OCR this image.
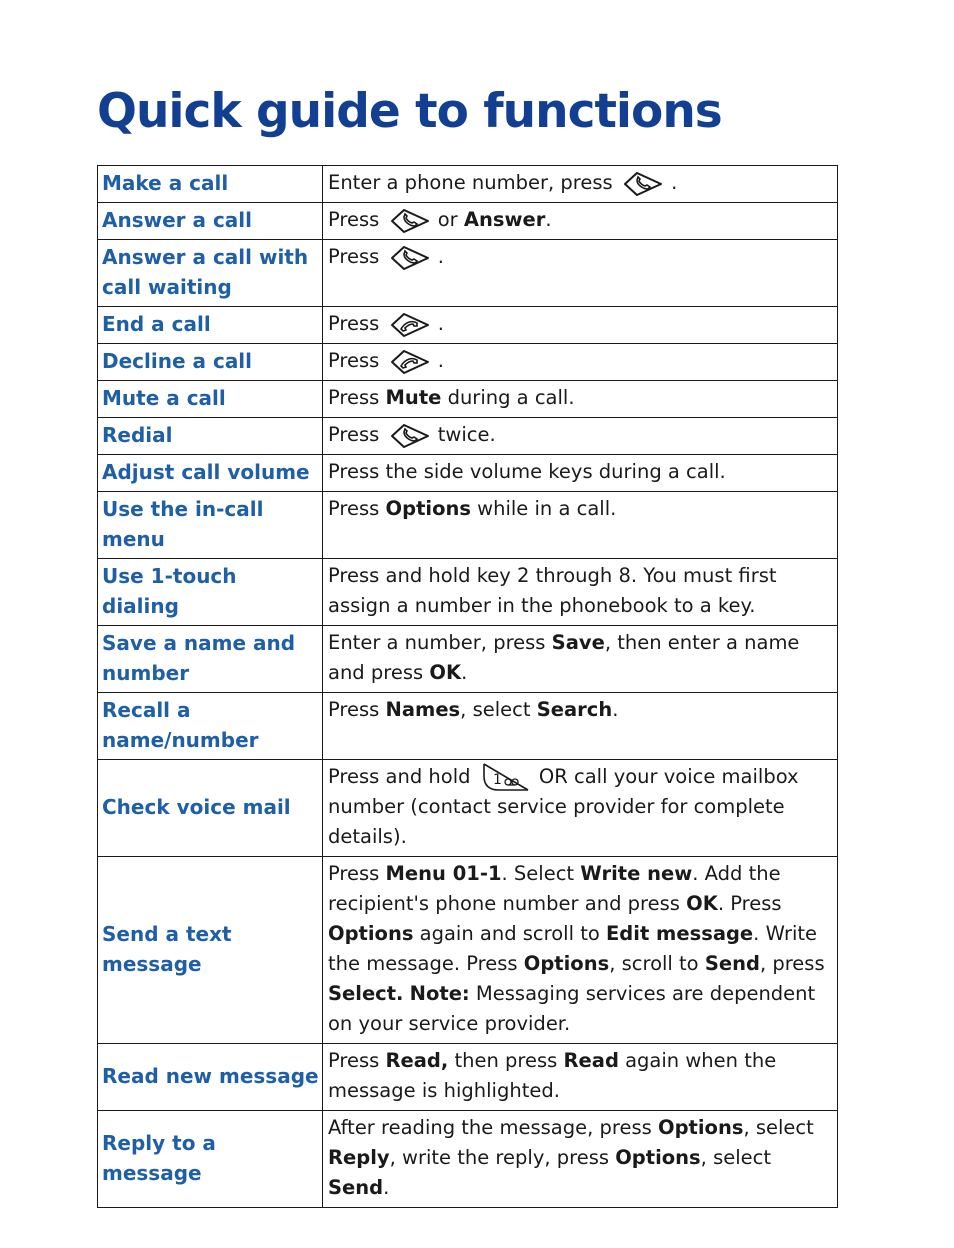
Quick guide to functions
Make a call	Enter a phone number, press .
Answer a call	Press or Answer.
Answer a call with call waiting	Press .
End a call	Press .
Decline a call	Press .
Mute a call	Press Mute during a call.
Redial	Press twice.
Adjust call volume	Press the side volume keys during a call.
Use the in-call menu	Press Options while in a call.
Use 1-touch dialing	Press and hold key 2 through 8. You must first assign a number in the phonebook to a key.
Save a name and number	Enter a number, press Save, then enter a name and press OK.
Recall a name/number	Press Names, select Search.
Check voice mail	Press and hold 1 OR call your voice mailbox number (contact service provider for complete details).
Send a text message	Press Menu 01-1. Select Write new. Add the recipient's phone number and press OK. Press Options again and scroll to Edit message. Write the message. Press Options, scroll to Send, press Select. Note: Messaging services are dependent on your service provider.
Read new message	Press Read, then press Read again when the message is highlighted.
Reply to a message	After reading the message, press Options, select Reply, write the reply, press Options, select Send.
